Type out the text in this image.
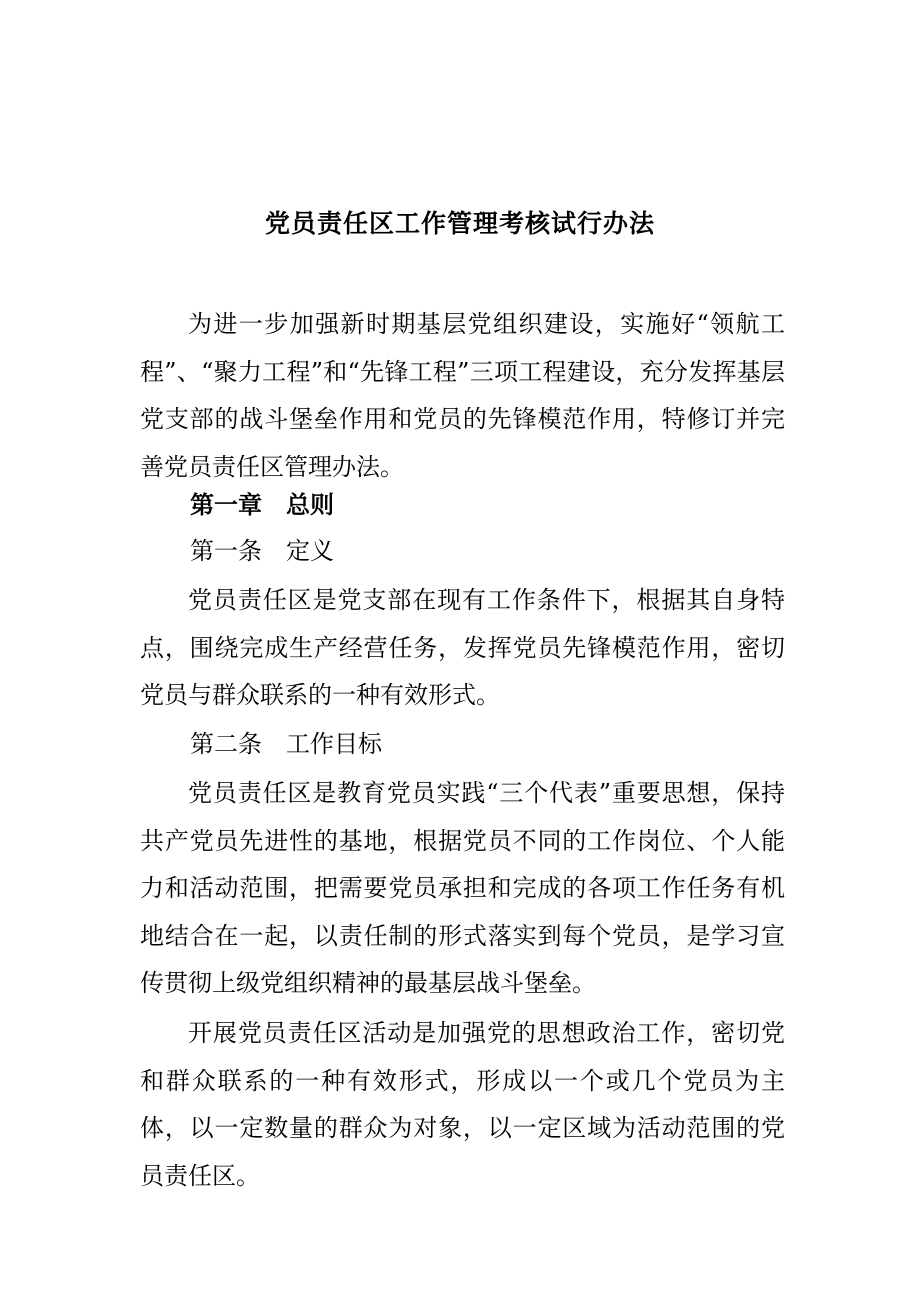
党员责任区工作管理考核试行办法

为进一步加强新时期基层党组织建设，实施好“领航工程”、“聚力工程”和“先锋工程”三项工程建设，充分发挥基层党支部的战斗堡垒作用和党员的先锋模范作用，特修订并完善党员责任区管理办法。

第一章　总则

第一条　定义

党员责任区是党支部在现有工作条件下，根据其自身特点，围绕完成生产经营任务，发挥党员先锋模范作用，密切党员与群众联系的一种有效形式。

第二条　工作目标

党员责任区是教育党员实践“三个代表”重要思想，保持共产党员先进性的基地，根据党员不同的工作岗位、个人能力和活动范围，把需要党员承担和完成的各项工作任务有机地结合在一起，以责任制的形式落实到每个党员，是学习宣传贯彻上级党组织精神的最基层战斗堡垒。

开展党员责任区活动是加强党的思想政治工作，密切党和群众联系的一种有效形式，形成以一个或几个党员为主体，以一定数量的群众为对象，以一定区域为活动范围的党员责任区。
